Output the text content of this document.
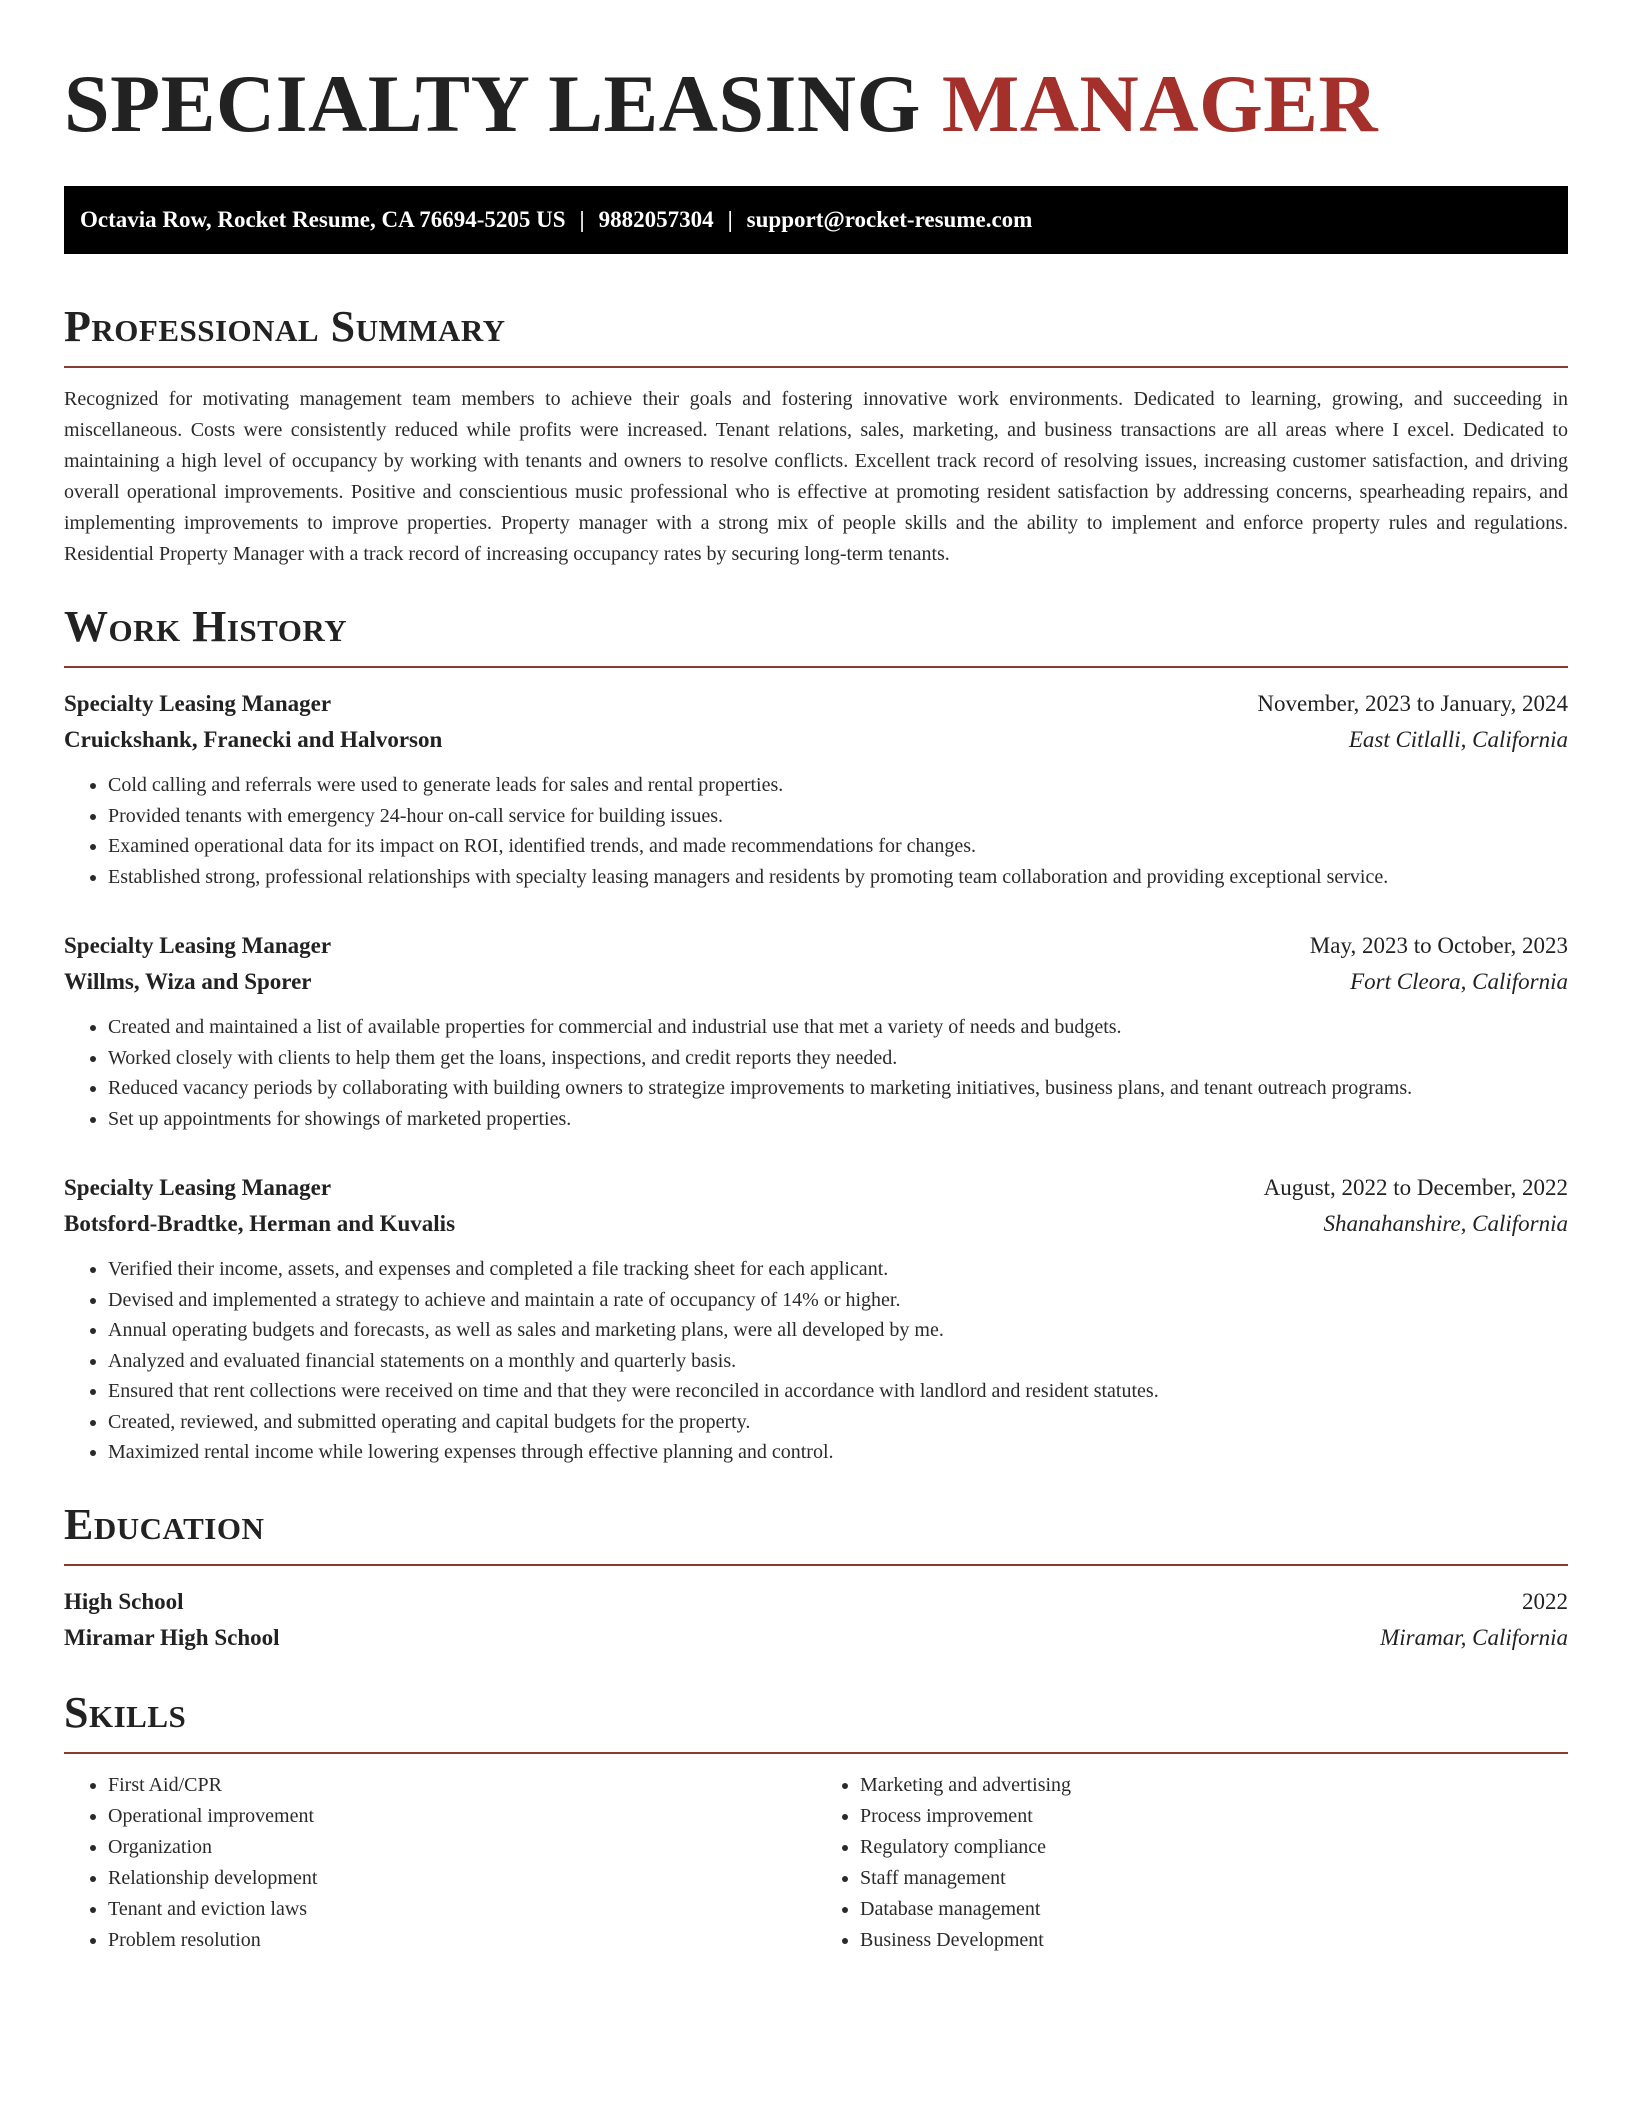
SPECIALTY LEASING MANAGER
Octavia Row, Rocket Resume, CA 76694-5205 US | 9882057304 | support@rocket-resume.com
Professional Summary

Recognized for motivating management team members to achieve their goals and fostering innovative work environments. Dedicated to learning, growing, and succeeding in miscellaneous. Costs were consistently reduced while profits were increased. Tenant relations, sales, marketing, and business transactions are all areas where I excel. Dedicated to maintaining a high level of occupancy by working with tenants and owners to resolve conflicts. Excellent track record of resolving issues, increasing customer satisfaction, and driving overall operational improvements. Positive and conscientious music professional who is effective at promoting resident satisfaction by addressing concerns, spearheading repairs, and implementing improvements to improve properties. Property manager with a strong mix of people skills and the ability to implement and enforce property rules and regulations. Residential Property Manager with a track record of increasing occupancy rates by securing long-term tenants.

Work History
Specialty Leasing Manager	November, 2023 to January, 2024
Cruickshank, Franecki and Halvorson	East Citlalli, California
• Cold calling and referrals were used to generate leads for sales and rental properties.
• Provided tenants with emergency 24-hour on-call service for building issues.
• Examined operational data for its impact on ROI, identified trends, and made recommendations for changes.
• Established strong, professional relationships with specialty leasing managers and residents by promoting team collaboration and providing exceptional service.
Specialty Leasing Manager	May, 2023 to October, 2023
Willms, Wiza and Sporer	Fort Cleora, California
• Created and maintained a list of available properties for commercial and industrial use that met a variety of needs and budgets.
• Worked closely with clients to help them get the loans, inspections, and credit reports they needed.
• Reduced vacancy periods by collaborating with building owners to strategize improvements to marketing initiatives, business plans, and tenant outreach programs.
• Set up appointments for showings of marketed properties.
Specialty Leasing Manager	August, 2022 to December, 2022
Botsford-Bradtke, Herman and Kuvalis	Shanahanshire, California
• Verified their income, assets, and expenses and completed a file tracking sheet for each applicant.
• Devised and implemented a strategy to achieve and maintain a rate of occupancy of 14% or higher.
• Annual operating budgets and forecasts, as well as sales and marketing plans, were all developed by me.
• Analyzed and evaluated financial statements on a monthly and quarterly basis.
• Ensured that rent collections were received on time and that they were reconciled in accordance with landlord and resident statutes.
• Created, reviewed, and submitted operating and capital budgets for the property.
• Maximized rental income while lowering expenses through effective planning and control.
Education
High School	2022
Miramar High School	Miramar, California
Skills
• First Aid/CPR
• Operational improvement
• Organization
• Relationship development
• Tenant and eviction laws
• Problem resolution
• Marketing and advertising
• Process improvement
• Regulatory compliance
• Staff management
• Database management
• Business Development
